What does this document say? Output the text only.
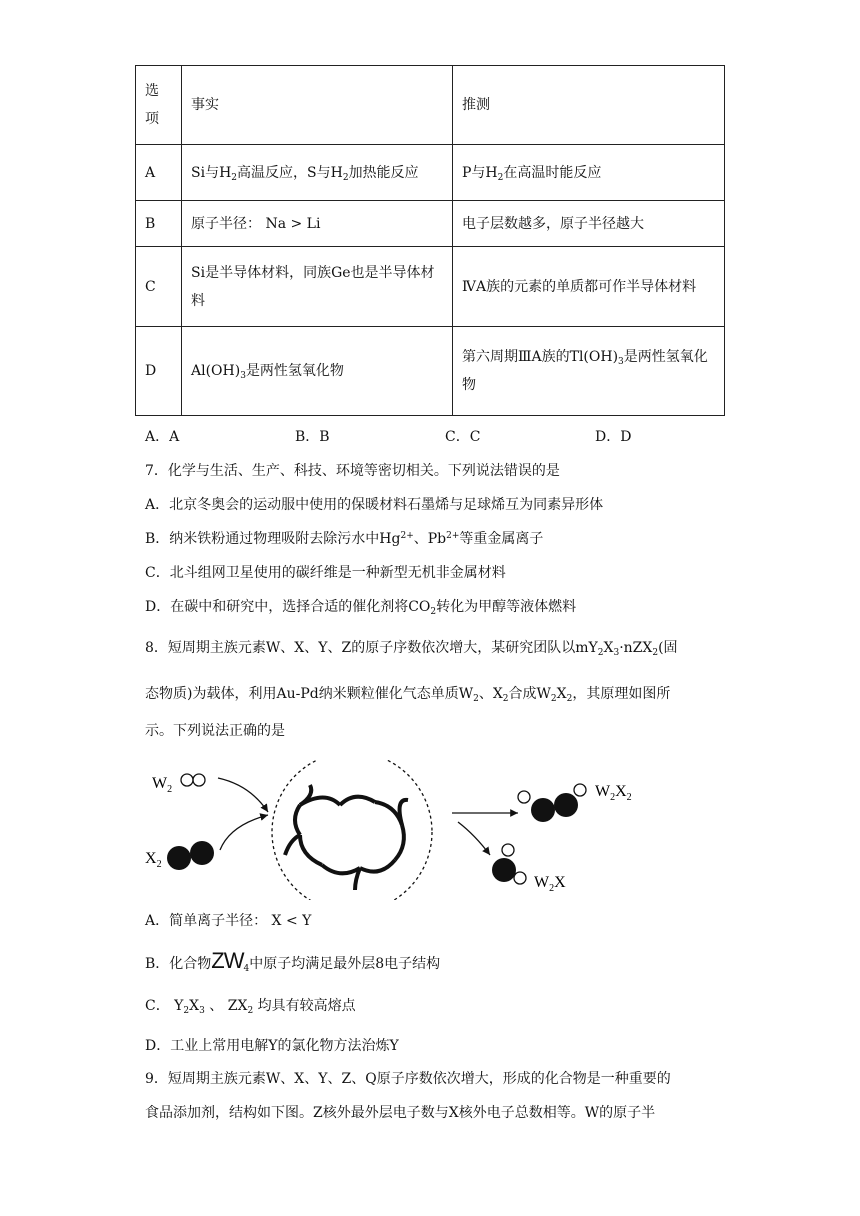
选
项	事实	推测
A	Si与$H_2$高温反应，S与$H_2$加热能反应	P与$H_2$在高温时能反应
B	原子半径： Na > Li	电子层数越多，原子半径越大
C	Si是半导体材料，同族Ge也是半导体材料	ⅣA族的元素的单质都可作半导体材料
D	$Al(OH)_3$是两性氢氧化物	第六周期ⅢA族的$Tl(OH)_3$是两性氢氧化物
A．A	B．B	C．C	D．D
7．化学与生活、生产、科技、环境等密切相关。下列说法错误的是
A．北京冬奥会的运动服中使用的保暖材料石墨烯与足球烯互为同素异形体
B．纳米铁粉通过物理吸附去除污水中$Hg^{2+}$、$Pb^{2+}$等重金属离子
C．北斗组网卫星使用的碳纤维是一种新型无机非金属材料
D．在碳中和研究中，选择合适的催化剂将$CO_2$转化为甲醇等液体燃料
8．短周期主族元素W、X、Y、Z的原子序数依次增大，某研究团队以$mY_2X_3\cdot nZX_2$(固
态物质)为载体，利用Au-Pd纳米颗粒催化气态单质$W_2$、$X_2$合成$W_2X_2$，其原理如图所
示。下列说法正确的是
$W_2$
$X_2$
$W_2X_2$
$W_2X$
A．简单离子半径： X < Y
B．化合物$ZW_4$中原子均满足最外层8电子结构
C． $Y_2X_3$ 、 $ZX_2$ 均具有较高熔点
D．工业上常用电解Y的氯化物方法治炼Y
9．短周期主族元素W、X、Y、Z、Q原子序数依次增大，形成的化合物是一种重要的
食品添加剂，结构如下图。Z核外最外层电子数与X核外电子总数相等。W的原子半
